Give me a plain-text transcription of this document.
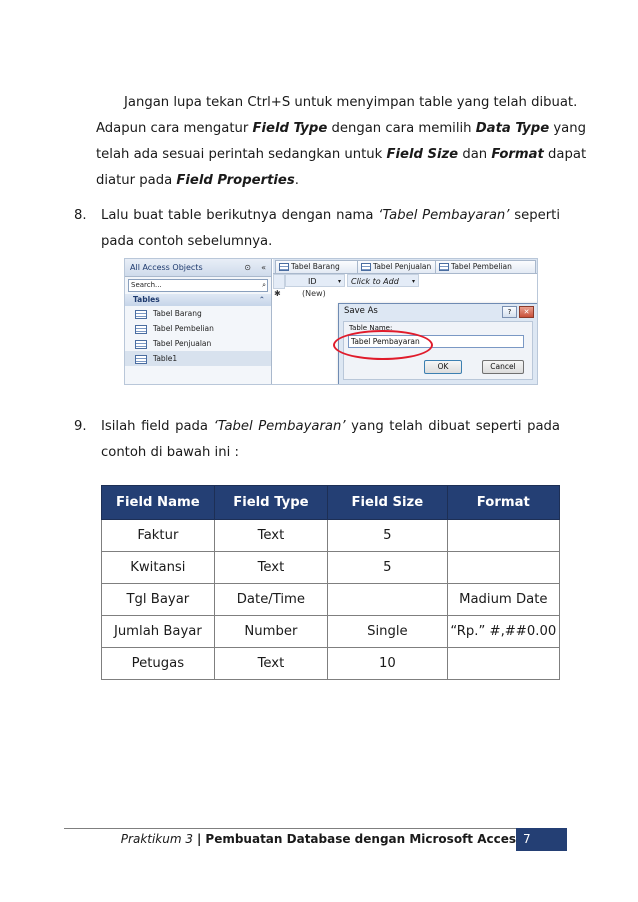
Jangan lupa tekan Ctrl+S untuk menyimpan table yang telah dibuat.
Adapun cara mengatur Field Type dengan cara memilih Data Type yang
telah ada sesuai perintah sedangkan untuk Field Size dan Format dapat
diatur pada Field Properties.
8. Lalu buat table berikutnya dengan nama ‘Tabel Pembayaran’ seperti
pada contoh sebelumnya.
All Access Objects	⊙ «
Search...	⌕
Tables	⌃
Tabel Barang
Tabel Pembelian
Tabel Penjualan
Table1
Tabel Barang	Tabel Penjualan	Tabel Pembelian
ID	▾	Click to Add ▾
✱	(New)
Save As	?	✕
Table Name:
Tabel Pembayaran
OK	Cancel
9. Isilah field pada ‘Tabel Pembayaran’ yang telah dibuat seperti pada
contoh di bawah ini :
Field Name	Field Type	Field Size	Format
Faktur	Text	5	
Kwitansi	Text	5	
Tgl Bayar	Date/Time		Madium Date
Jumlah Bayar	Number	Single	“Rp.” #,##0.00
Petugas	Text	10	
Praktikum 3 | Pembuatan Database dengan Microsoft Acces 7
